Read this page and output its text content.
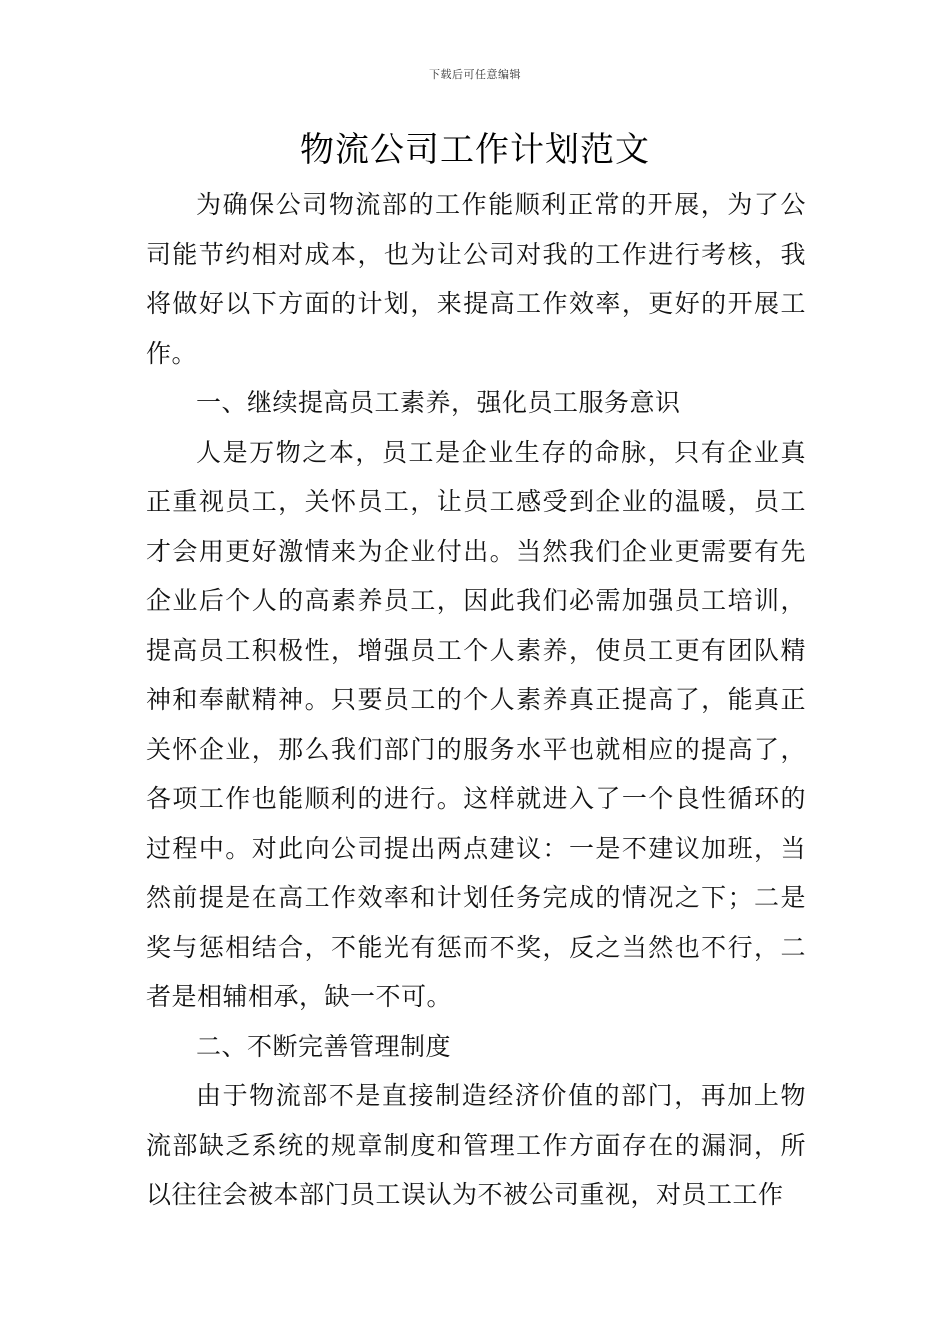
下载后可任意编辑
物流公司工作计划范文

为确保公司物流部的工作能顺利正常的开展，为了公司能节约相对成本，也为让公司对我的工作进行考核，我将做好以下方面的计划，来提高工作效率，更好的开展工作。

一、继续提高员工素养，强化员工服务意识

人是万物之本，员工是企业生存的命脉，只有企业真正重视员工，关怀员工，让员工感受到企业的温暖，员工才会用更好激情来为企业付出。当然我们企业更需要有先企业后个人的高素养员工，因此我们必需加强员工培训，提高员工积极性，增强员工个人素养，使员工更有团队精神和奉献精神。只要员工的个人素养真正提高了，能真正关怀企业，那么我们部门的服务水平也就相应的提高了，各项工作也能顺利的进行。这样就进入了一个良性循环的过程中。对此向公司提出两点建议：一是不建议加班，当然前提是在高工作效率和计划任务完成的情况之下；二是奖与惩相结合，不能光有惩而不奖，反之当然也不行，二者是相辅相承，缺一不可。

二、不断完善管理制度

由于物流部不是直接制造经济价值的部门，再加上物流部缺乏系统的规章制度和管理工作方面存在的漏洞，所以往往会被本部门员工误认为不被公司重视，对员工工作
